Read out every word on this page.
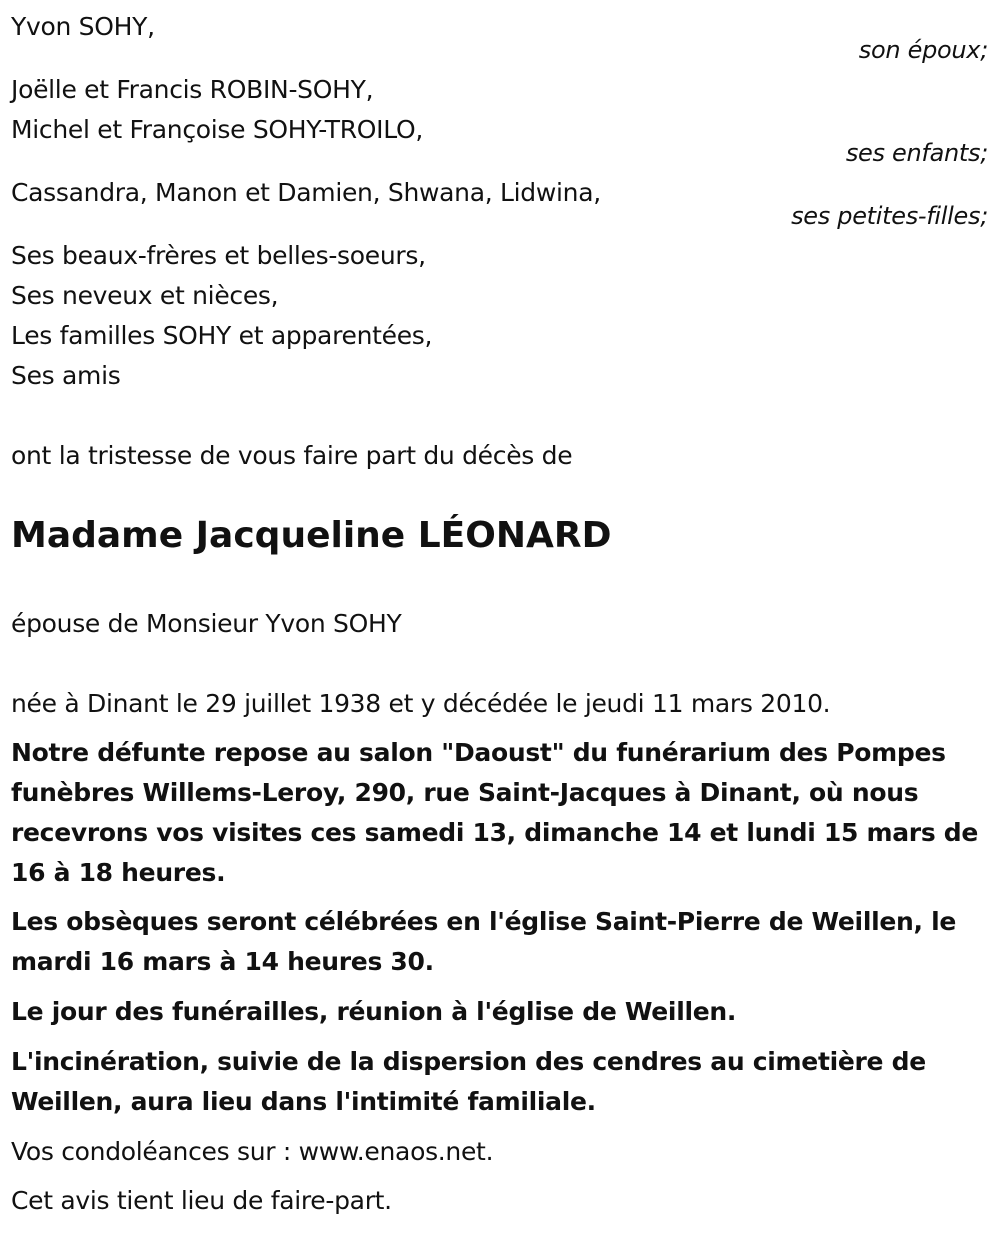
Yvon SOHY,
son époux;
Joëlle et Francis ROBIN-SOHY,
Michel et Françoise SOHY-TROILO,
ses enfants;
Cassandra, Manon et Damien, Shwana, Lidwina,
ses petites-filles;
Ses beaux-frères et belles-soeurs,
Ses neveux et nièces,
Les familles SOHY et apparentées,
Ses amis
ont la tristesse de vous faire part du décès de
Madame Jacqueline LÉONARD
épouse de Monsieur Yvon SOHY
née à Dinant le 29 juillet 1938 et y décédée le jeudi 11 mars 2010.
Notre défunte repose au salon "Daoust" du funérarium des Pompes
funèbres Willems-Leroy, 290, rue Saint-Jacques à Dinant, où nous
recevrons vos visites ces samedi 13, dimanche 14 et lundi 15 mars de
16 à 18 heures.
Les obsèques seront célébrées en l'église Saint-Pierre de Weillen, le
mardi 16 mars à 14 heures 30.
Le jour des funérailles, réunion à l'église de Weillen.
L'incinération, suivie de la dispersion des cendres au cimetière de
Weillen, aura lieu dans l'intimité familiale.
Vos condoléances sur : www.enaos.net.
Cet avis tient lieu de faire-part.
